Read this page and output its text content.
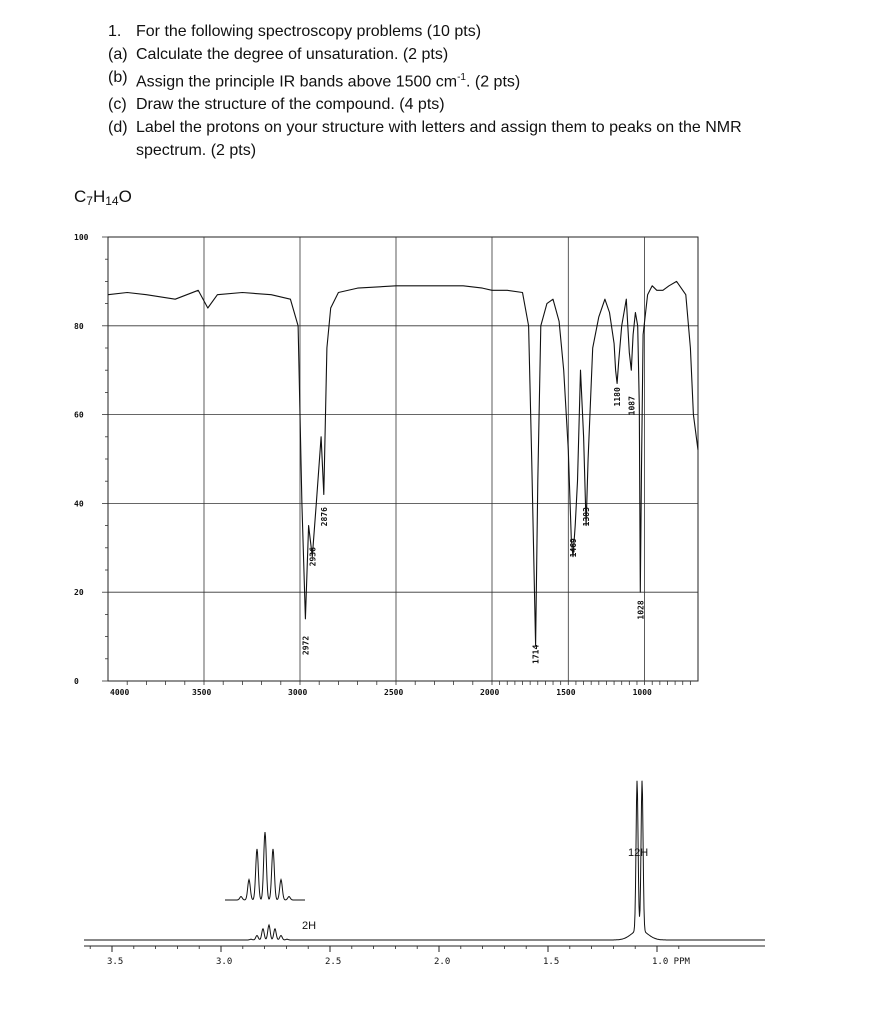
1. For the following spectroscopy problems (10 pts)
(a) Calculate the degree of unsaturation. (2 pts)
(b) Assign the principle IR bands above 1500 $cm^{-1}$. (2 pts)
(c) Draw the structure of the compound. (4 pts)
(d) Label the protons on your structure with letters and assign them to peaks on the NMR
spectrum. (2 pts)
$C_7H_{14}O$
4000	3500	3000	2500	2000	1500	1000
100
80
60
40
20
0
2972
2936
2876
1714
1469
1383
1180 1087
1028
3.5	3.0	2.5	2.0	1.5	1.0 PPM
2H
12H
